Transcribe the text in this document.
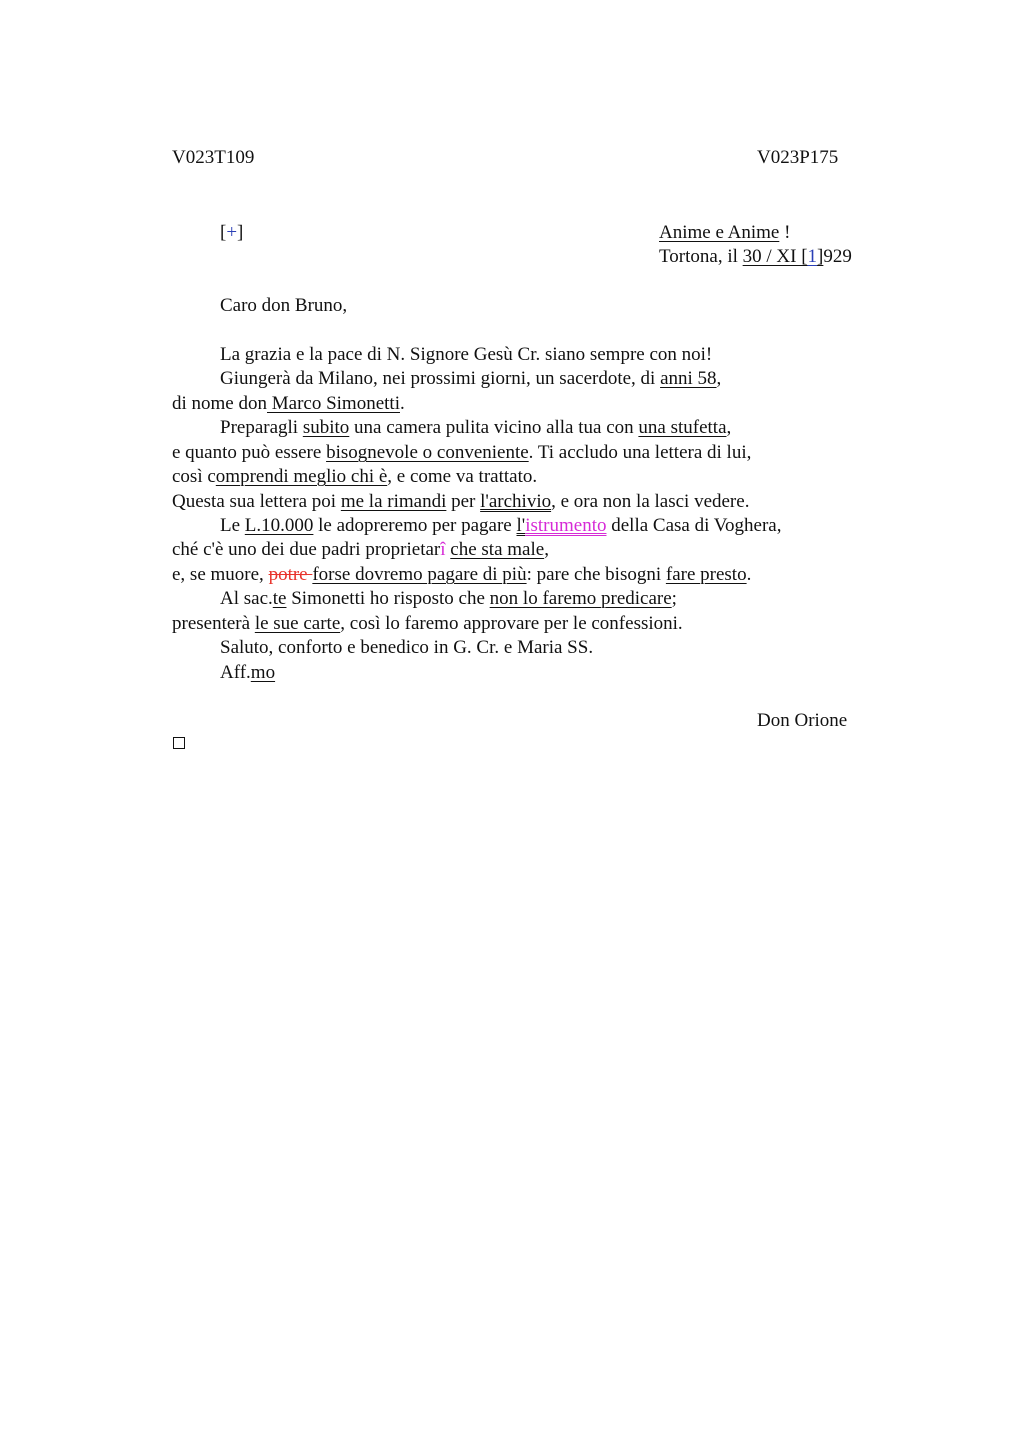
V023T109	V023P175
[+]	Anime e Anime !
Tortona, il 30 / XI [1]929
Caro don Bruno,
La grazia e la pace di N. Signore Gesù Cr. siano sempre con noi!
Giungerà da Milano, nei prossimi giorni, un sacerdote, di anni 58,
di nome don Marco Simonetti.
Preparagli subito una camera pulita vicino alla tua con una stufetta,
e quanto può essere bisognevole o conveniente. Ti accludo una lettera di lui,
così comprendi meglio chi è, e come va trattato.
Questa sua lettera poi me la rimandi per l'archivio, e ora non la lasci vedere.
Le L.10.000 le adopreremo per pagare l'istrumento della Casa di Voghera,
ché c'è uno dei due padri proprietarî che sta male,
e, se muore, potre forse dovremo pagare di più: pare che bisogni fare presto.
Al sac.te Simonetti ho risposto che non lo faremo predicare;
presenterà le sue carte, così lo faremo approvare per le confessioni.
Saluto, conforto e benedico in G. Cr. e Maria SS.
Aff.mo
Don Orione
